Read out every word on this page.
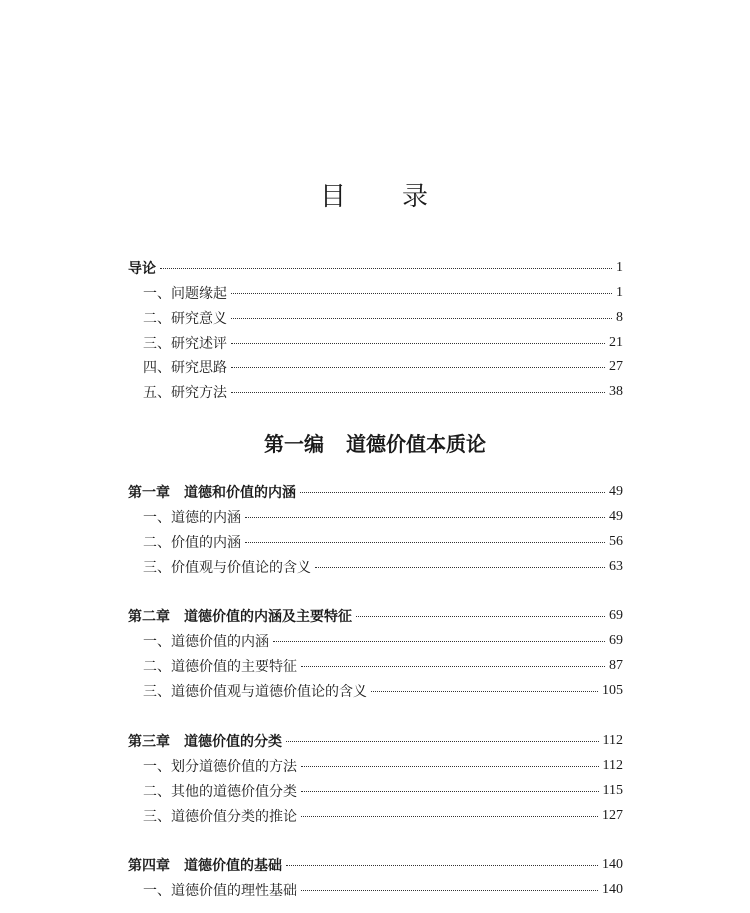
目 录
导论	1
一、问题缘起	1
二、研究意义	8
三、研究述评	21
四、研究思路	27
五、研究方法	38
第一编 道德价值本质论
第一章 道德和价值的内涵	49
一、道德的内涵	49
二、价值的内涵	56
三、价值观与价值论的含义	63
第二章 道德价值的内涵及主要特征	69
一、道德价值的内涵	69
二、道德价值的主要特征	87
三、道德价值观与道德价值论的含义	105
第三章 道德价值的分类	112
一、划分道德价值的方法	112
二、其他的道德价值分类	115
三、道德价值分类的推论	127
第四章 道德价值的基础	140
一、道德价值的理性基础	140
